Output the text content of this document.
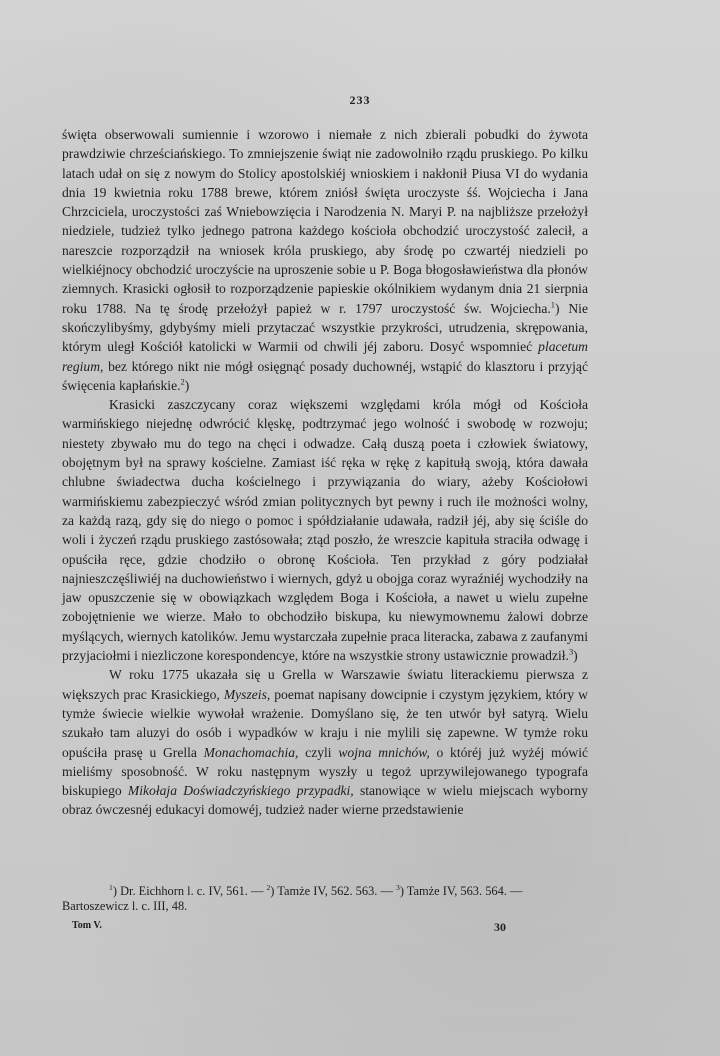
233

święta obserwowali sumiennie i wzorowo i niemałe z nich zbierali pobudki do żywota prawdziwie chrześciańskiego. To zmniejszenie świąt nie zadowolniło rządu pruskiego. Po kilku latach udał on się z nowym do Stolicy apostolskiéj wnioskiem i nakłonił Piusa VI do wydania dnia 19 kwietnia roku 1788 brewe, którem zniósł święta uroczyste śś. Wojciecha i Jana Chrzciciela, uroczystości zaś Wniebowzięcia i Narodzenia N. Maryi P. na najbliższe przełożył niedziele, tudzież tylko jednego patrona każdego kościoła obchodzić uroczystość zalecił, a nareszcie rozporządził na wniosek króla pruskiego, aby środę po czwartéj niedzieli po wielkiéjnocy obchodzić uroczyście na uproszenie sobie u P. Boga błogosławieństwa dla płonów ziemnych. Krasicki ogłosił to rozporządzenie papieskie okólnikiem wydanym dnia 21 sierpnia roku 1788. Na tę środę przełożył papież w r. 1797 uroczystość św. Wojciecha.$^1$) Nie skończylibyśmy, gdybyśmy mieli przytaczać wszystkie przykrości, utrudzenia, skrępowania, którym uległ Kościół katolicki w Warmii od chwili jéj zaboru. Dosyć wspomnieć placetum regium, bez którego nikt nie mógł osięgnąć posady duchownéj, wstąpić do klasztoru i przyjąć święcenia kapłańskie.$^2$)

Krasicki zaszczycany coraz większemi względami króla mógł od Kościoła warmińskiego niejednę odwrócić klęskę, podtrzymać jego wolność i swobodę w rozwoju; niestety zbywało mu do tego na chęci i odwadze. Całą duszą poeta i człowiek światowy, obojętnym był na sprawy kościelne. Zamiast iść ręka w rękę z kapitułą swoją, która dawała chlubne świadectwa ducha kościelnego i przywiązania do wiary, ażeby Kościołowi warmińskiemu zabezpieczyć wśród zmian politycznych byt pewny i ruch ile możności wolny, za każdą razą, gdy się do niego o pomoc i spółdziałanie udawała, radził jéj, aby się ściśle do woli i życzeń rządu pruskiego zastósowała; ztąd poszło, że wreszcie kapituła straciła odwagę i opuściła ręce, gdzie chodziło o obronę Kościoła. Ten przykład z góry podziałał najnieszczęśliwiéj na duchowieństwo i wiernych, gdyż u obojga coraz wyraźniéj wychodziły na jaw opuszczenie się w obowiązkach względem Boga i Kościoła, a nawet u wielu zupełne zobojętnienie we wierze. Mało to obchodziło biskupa, ku niewymownemu żalowi dobrze myślących, wiernych katolików. Jemu wystarczała zupełnie praca literacka, zabawa z zaufanymi przyjaciołmi i niezliczone korespondencye, które na wszystkie strony ustawicznie prowadził.$^3$)

W roku 1775 ukazała się u Grella w Warszawie światu literackiemu pierwsza z większych prac Krasickiego, Myszeis, poemat napisany dowcipnie i czystym językiem, który w tymże świecie wielkie wywołał wrażenie. Domyślano się, że ten utwór był satyrą. Wielu szukało tam aluzyi do osób i wypadków w kraju i nie mylili się zapewne. W tymże roku opuściła prasę u Grella Monachomachia, czyli wojna mnichów, o któréj już wyżéj mówić mieliśmy sposobność. W roku następnym wyszły u tegoż uprzywilejowanego typografa biskupiego Mikołaja Doświadczyńskiego przypadki, stanowiące w wielu miejscach wyborny obraz ówczesnéj edukacyi domowéj, tudzież nader wierne przedstawienie

$^1$) Dr. Eichhorn l. c. IV, 561. — $^2$) Tamże IV, 562. 563. — $^3$) Tamże IV, 563. 564. — Bartoszewicz l. c. III, 48.

Tom V.	30
